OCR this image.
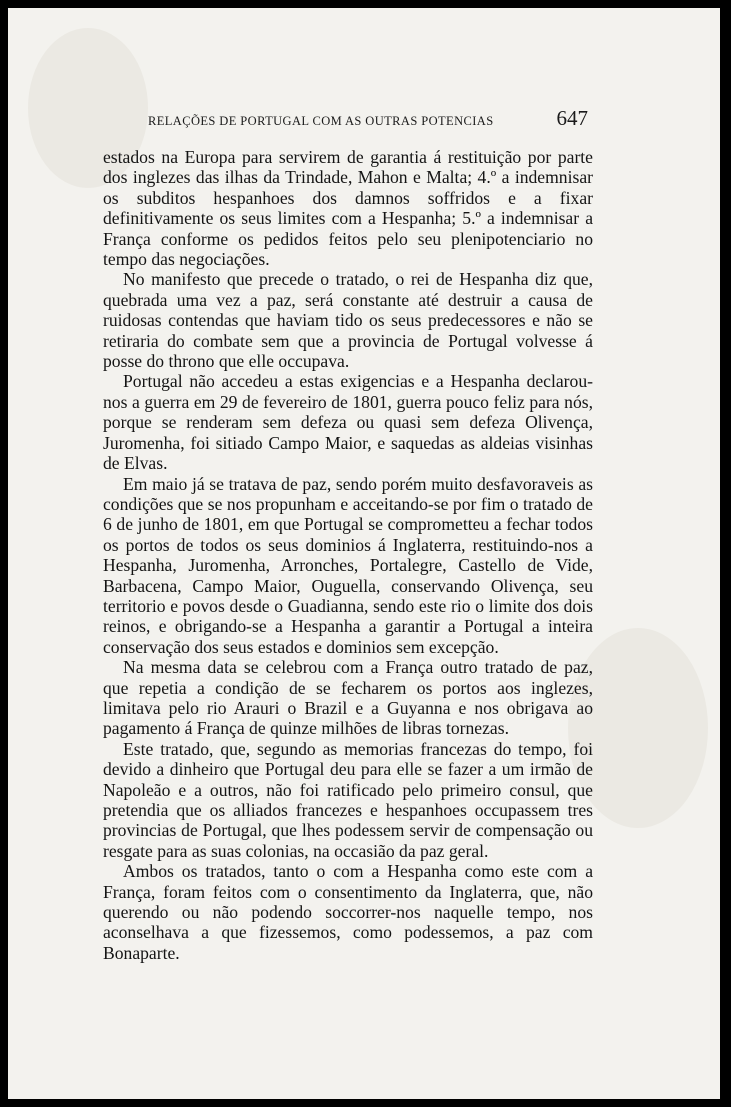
RELAÇÕES DE PORTUGAL COM AS OUTRAS POTENCIAS	647

estados na Europa para servirem de garantia á restituição por parte dos inglezes das ilhas da Trindade, Mahon e Malta; 4.º a indemnisar os subditos hespanhoes dos damnos soffridos e a fixar definitivamente os seus limites com a Hespanha; 5.º a indemnisar a França conforme os pedidos feitos pelo seu plenipotenciario no tempo das negociações.

No manifesto que precede o tratado, o rei de Hespanha diz que, quebrada uma vez a paz, será constante até destruir a causa de ruidosas contendas que haviam tido os seus predecessores e não se retiraria do combate sem que a provincia de Portugal volvesse á posse do throno que elle occupava.

Portugal não accedeu a estas exigencias e a Hespanha declarou-nos a guerra em 29 de fevereiro de 1801, guerra pouco feliz para nós, porque se renderam sem defeza ou quasi sem defeza Olivença, Juromenha, foi sitiado Campo Maior, e saquedas as aldeias visinhas de Elvas.

Em maio já se tratava de paz, sendo porém muito desfavoraveis as condições que se nos propunham e acceitando-se por fim o tratado de 6 de junho de 1801, em que Portugal se comprometteu a fechar todos os portos de todos os seus dominios á Inglaterra, restituindo-nos a Hespanha, Juromenha, Arronches, Portalegre, Castello de Vide, Barbacena, Campo Maior, Ouguella, conservando Olivença, seu territorio e povos desde o Guadianna, sendo este rio o limite dos dois reinos, e obrigando-se a Hespanha a garantir a Portugal a inteira conservação dos seus estados e dominios sem excepção.

Na mesma data se celebrou com a França outro tratado de paz, que repetia a condição de se fecharem os portos aos inglezes, limitava pelo rio Arauri o Brazil e a Guyanna e nos obrigava ao pagamento á França de quinze milhões de libras tornezas.

Este tratado, que, segundo as memorias francezas do tempo, foi devido a dinheiro que Portugal deu para elle se fazer a um irmão de Napoleão e a outros, não foi ratificado pelo primeiro consul, que pretendia que os alliados francezes e hespanhoes occupassem tres provincias de Portugal, que lhes podessem servir de compensação ou resgate para as suas colonias, na occasião da paz geral.

Ambos os tratados, tanto o com a Hespanha como este com a França, foram feitos com o consentimento da Inglaterra, que, não querendo ou não podendo soccorrer-nos naquelle tempo, nos aconselhava a que fizessemos, como podessemos, a paz com Bonaparte.
